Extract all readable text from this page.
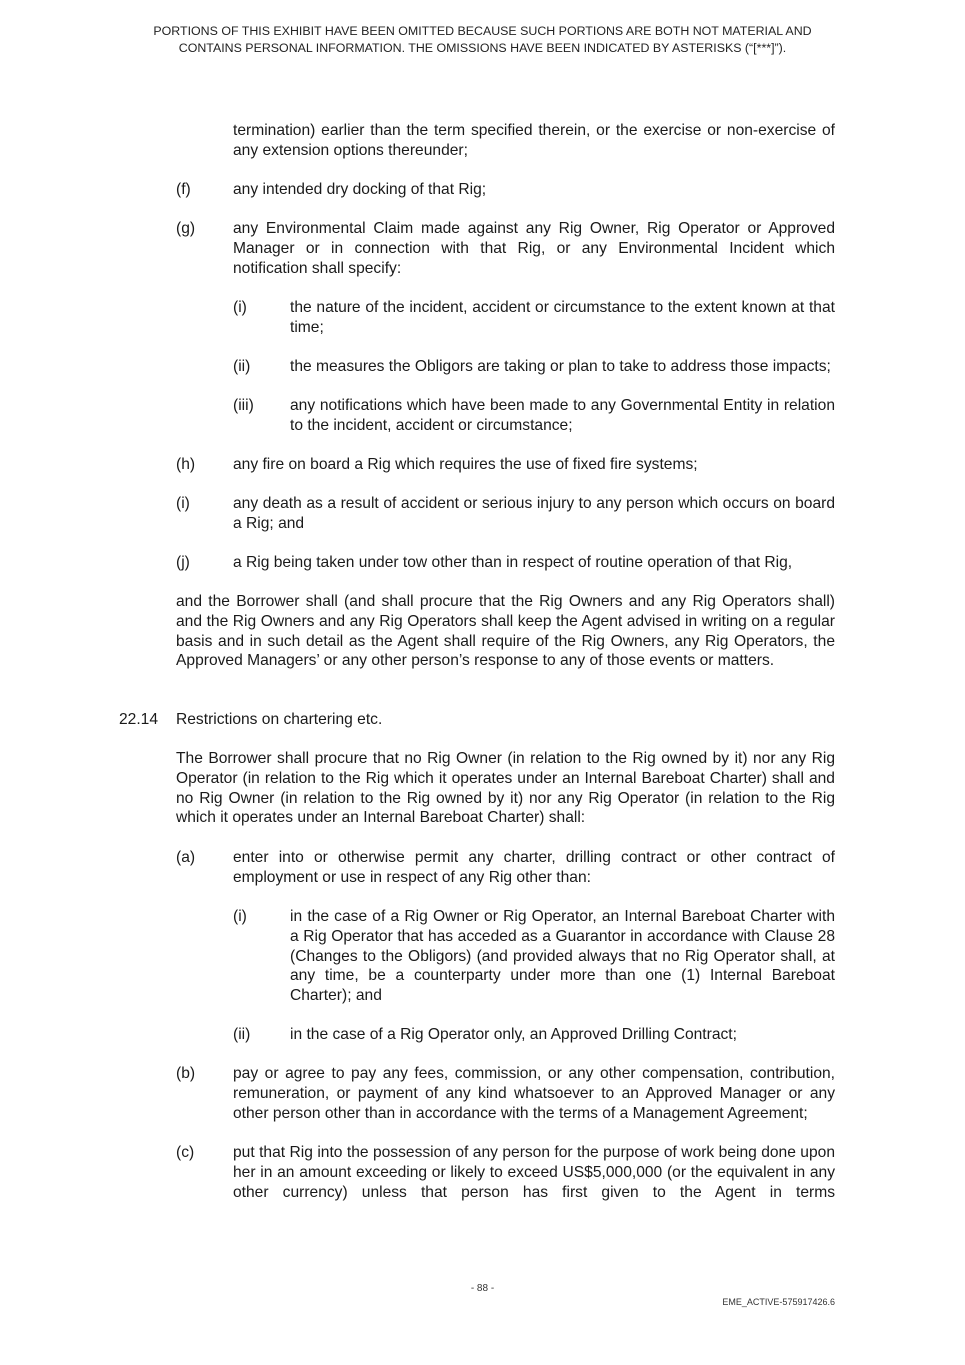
PORTIONS OF THIS EXHIBIT HAVE BEEN OMITTED BECAUSE SUCH PORTIONS ARE BOTH NOT MATERIAL AND
CONTAINS PERSONAL INFORMATION. THE OMISSIONS HAVE BEEN INDICATED BY ASTERISKS (“[***]”).

termination) earlier than the term specified therein, or the exercise or non-exercise of any extension options thereunder;

(f)	any intended dry docking of that Rig;

(g) any Environmental Claim made against any Rig Owner, Rig Operator or Approved Manager or in connection with that Rig, or any Environmental Incident which notification shall specify:

(i)	the nature of the incident, accident or circumstance to the extent known at that time;

(ii)	the measures the Obligors are taking or plan to take to address those impacts;

(iii) any notifications which have been made to any Governmental Entity in relation to the incident, accident or circumstance;

(h) any fire on board a Rig which requires the use of fixed fire systems;

(i)	any death as a result of accident or serious injury to any person which occurs on board a Rig; and

(j)	a Rig being taken under tow other than in respect of routine operation of that Rig,

and the Borrower shall (and shall procure that the Rig Owners and any Rig Operators shall) and the Rig Owners and any Rig Operators shall keep the Agent advised in writing on a regular basis and in such detail as the Agent shall require of the Rig Owners, any Rig Operators, the Approved Managers’ or any other person’s response to any of those events or matters.

22.14 Restrictions on chartering etc.

The Borrower shall procure that no Rig Owner (in relation to the Rig owned by it) nor any Rig Operator (in relation to the Rig which it operates under an Internal Bareboat Charter) shall and no Rig Owner (in relation to the Rig owned by it) nor any Rig Operator (in relation to the Rig which it operates under an Internal Bareboat Charter) shall:

(a) enter into or otherwise permit any charter, drilling contract or other contract of employment or use in respect of any Rig other than:

(i)	in the case of a Rig Owner or Rig Operator, an Internal Bareboat Charter with a Rig Operator that has acceded as a Guarantor in accordance with Clause 28 (Changes to the Obligors) (and provided always that no Rig Operator shall, at any time, be a counterparty under more than one (1) Internal Bareboat Charter); and

(ii)	in the case of a Rig Operator only, an Approved Drilling Contract;

(b) pay or agree to pay any fees, commission, or any other compensation, contribution, remuneration, or payment of any kind whatsoever to an Approved Manager or any other person other than in accordance with the terms of a Management Agreement;

(c) put that Rig into the possession of any person for the purpose of work being done upon her in an amount exceeding or likely to exceed US$5,000,000 (or the equivalent in any other currency) unless that person has first given to the Agent in terms

- 88 -
EME_ACTIVE-575917426.6
